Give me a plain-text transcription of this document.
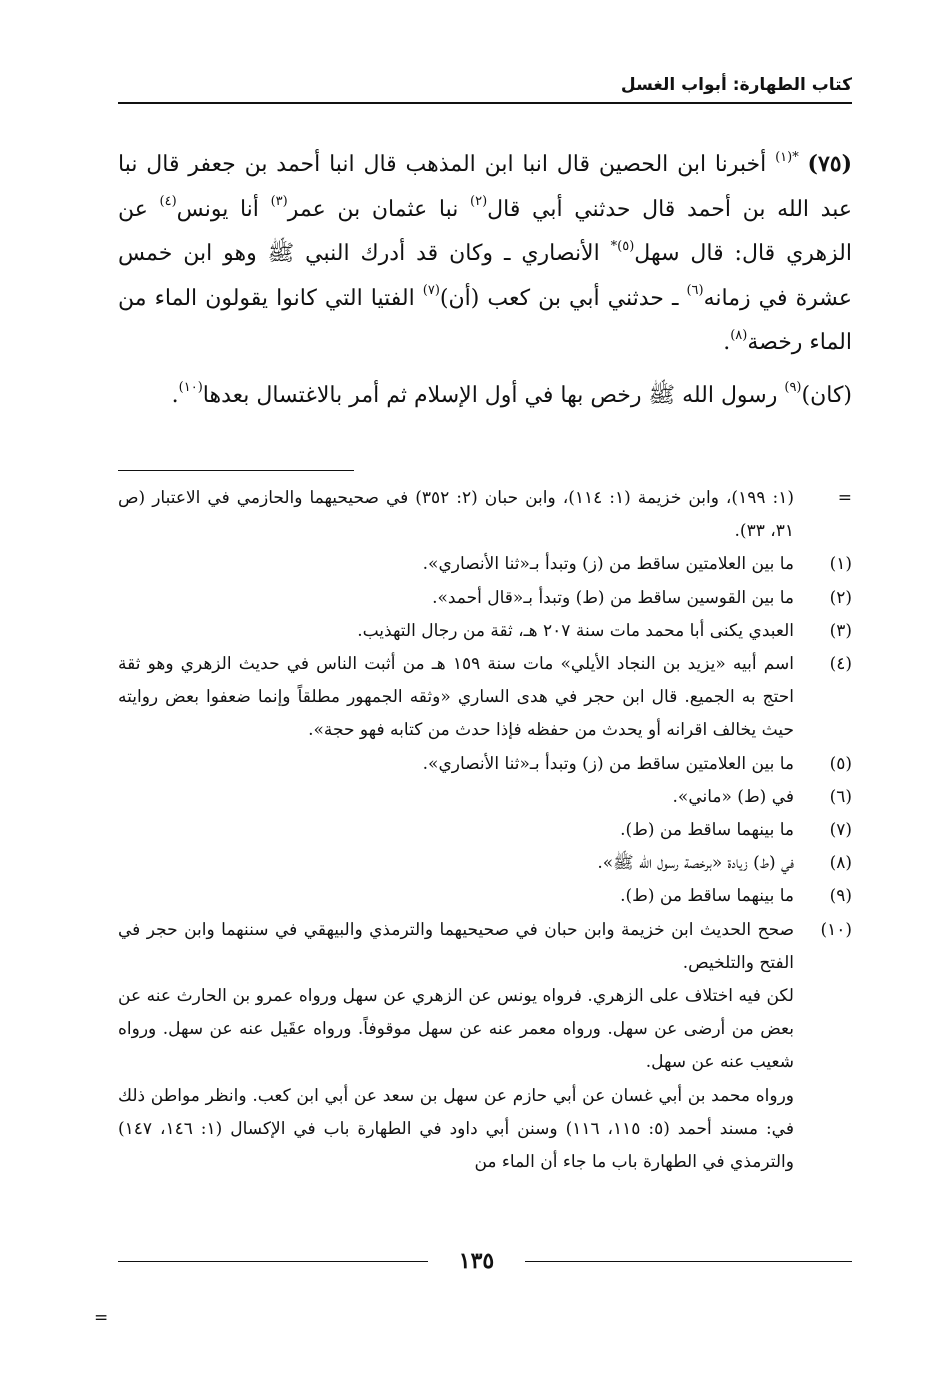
كتاب الطهارة: أبواب الغسل

(٧٥) $^{*(١)}$ أخبرنا ابن الحصين قال انبا ابن المذهب قال انبا أحمد بن جعفر قال نبا عبد الله بن أحمد قال حدثني أبي قال$^{(٢)}$ نبا عثمان بن عمر$^{(٣)}$ أنا يونس$^{(٤)}$ عن الزهري قال: قال سهل$^{(٥)*}$ الأنصاري ـ وكان قد أدرك النبي ﷺ وهو ابن خمس عشرة في زمانه$^{(٦)}$ ـ حدثني أبي بن كعب (أن)$^{(٧)}$ الفتيا التي كانوا يقولون الماء من الماء رخصة$^{(٨)}$.

(كان)$^{(٩)}$ رسول الله ﷺ رخص بها في أول الإسلام ثم أمر بالاغتسال بعدها$^{(١٠)}$.

=
(١: ١٩٩)، وابن خزيمة (١: ١١٤)، وابن حبان (٢: ٣٥٢) في صحيحيهما والحازمي في الاعتبار (ص ٣١، ٣٣).
(١)
ما بين العلامتين ساقط من (ز) وتبدأ بـ«ثنا الأنصاري».
(٢)
ما بين القوسين ساقط من (ط) وتبدأ بـ«قال أحمد».
(٣)
العبدي يكنى أبا محمد مات سنة ٢٠٧ هـ، ثقة من رجال التهذيب.
(٤)
اسم أبيه «يزيد بن النجاد الأيلي» مات سنة ١٥٩ هـ من أثبت الناس في حديث الزهري وهو ثقة احتج به الجميع. قال ابن حجر في هدى الساري «وثقه الجمهور مطلقاً وإنما ضعفوا بعض روايته حيث يخالف اقرانه أو يحدث من حفظه فإذا حدث من كتابه فهو حجة».
(٥)
ما بين العلامتين ساقط من (ز) وتبدأ بـ«ثنا الأنصاري».
(٦)
في (ط) «ماني».
(٧)
ما بينهما ساقط من (ط).
(٨)
في (ط) زيادة «برخصة رسول الله ﷺ».
(٩)
ما بينهما ساقط من (ط).
(١٠)

صحح الحديث ابن خزيمة وابن حبان في صحيحيهما والترمذي والبيهقي في سننهما وابن حجر في الفتح والتلخيص.

لكن فيه اختلاف على الزهري. فرواه يونس عن الزهري عن سهل ورواه عمرو بن الحارث عنه عن بعض من أرضى عن سهل. ورواه معمر عنه عن سهل موقوفاً. ورواه عقَيل عنه عن سهل. ورواه شعيب عنه عن سهل.

ورواه محمد بن أبي غسان عن أبي حازم عن سهل بن سعد عن أبي ابن كعب. وانظر مواطن ذلك في: مسند أحمد (٥: ١١٥، ١١٦) وسنن أبي داود في الطهارة باب في الإكسال (١: ١٤٦، ١٤٧) والترمذي في الطهارة باب ما جاء أن الماء من

=
١٣٥
